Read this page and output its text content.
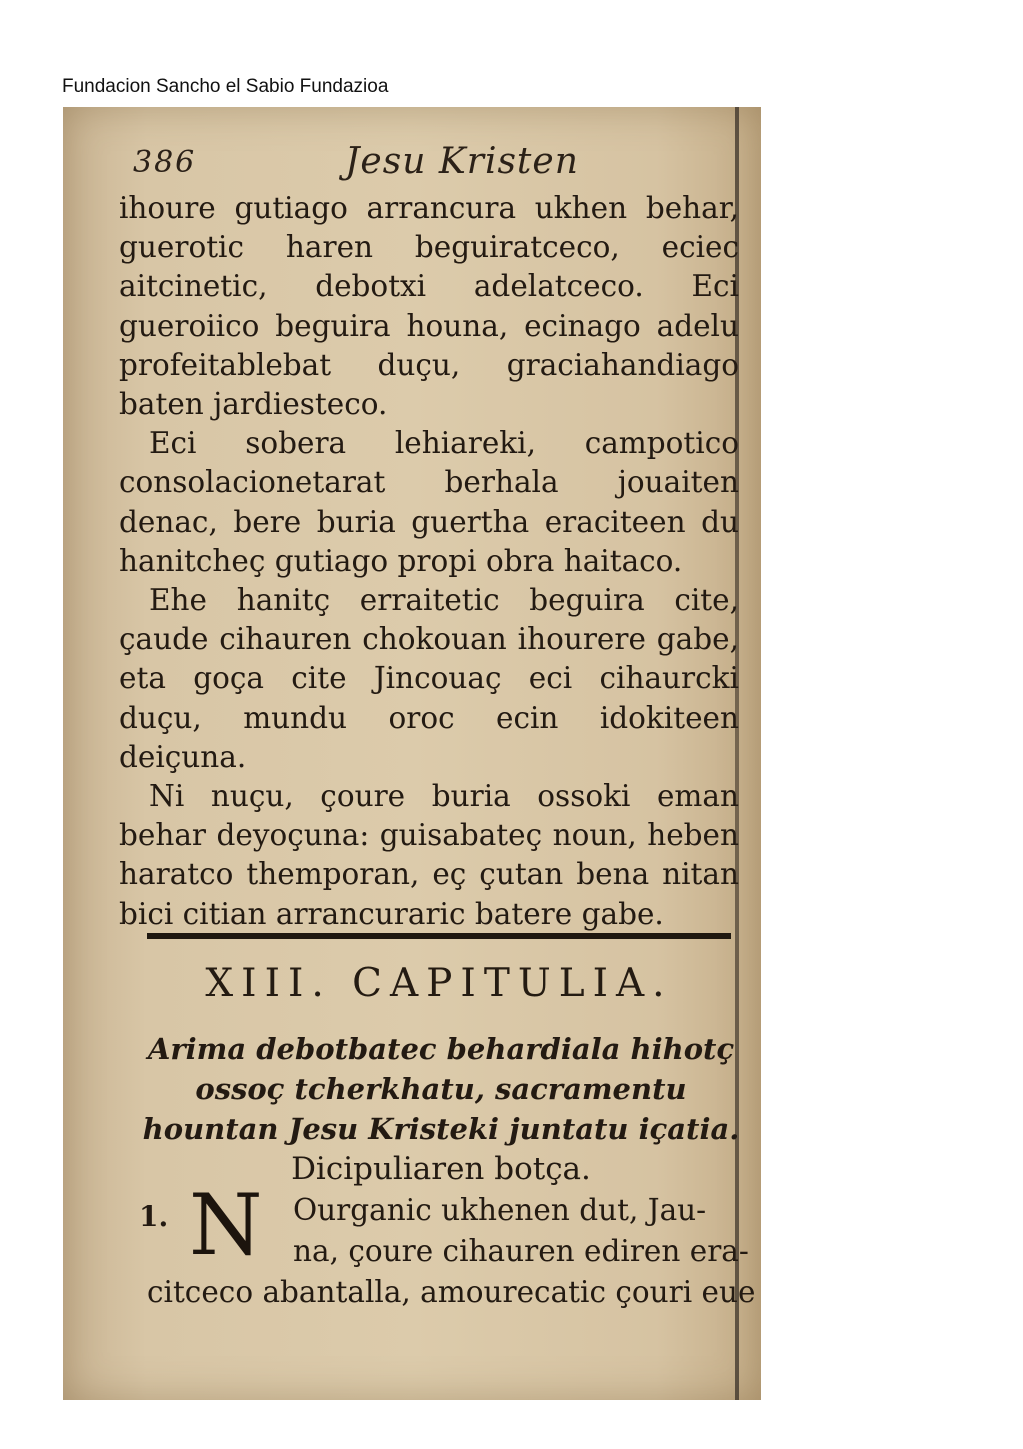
Fundacion Sancho el Sabio Fundazioa
386	Jesu Kristen

ihoure gutiago arrancura ukhen behar, guerotic haren beguiratceco, eciec aitcinetic, debotxi adelatceco. Eci gueroiico beguira houna, ecinago adelu profeitablebat duçu, graciahandiago baten jardiesteco.

Eci sobera lehiareki, campotico consolacionetarat berhala jouaiten denac, bere buria guertha eraciteen du hanitcheç gutiago propi obra haitaco.

Ehe hanitç erraitetic beguira cite, çaude cihauren chokouan ihourere gabe, eta goça cite Jincouaç eci cihaurcki duçu, mundu oroc ecin idokiteen deiçuna.

Ni nuçu, çoure buria ossoki eman behar deyoçuna: guisabateç noun, heben haratco themporan, eç çutan bena nitan bici citian arrancuraric batere gabe.

XIII. CAPITULIA.
Arima debotbatec behardiala hihotç ossoç tcherkhatu, sacramentu hountan Jesu Kristeki juntatu içatia.
Dicipuliaren botça.
1. N Ourganic ukhenen dut, Jau-
na, çoure cihauren ediren era-
citceco abantalla, amourecatic çouri eue
